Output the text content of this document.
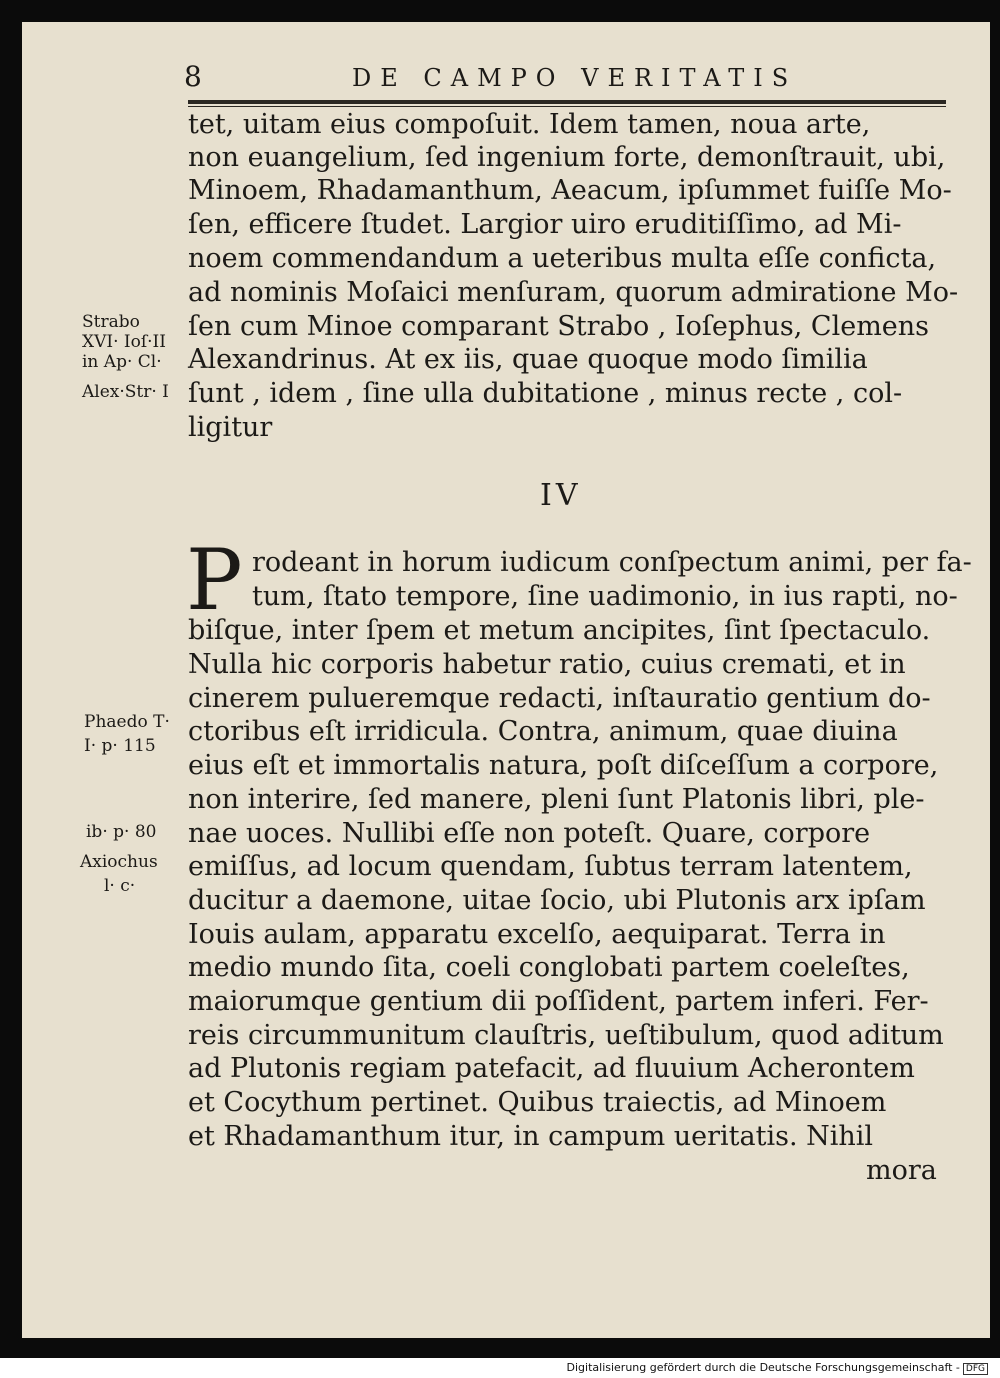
8	DE CAMPO VERITATIS
tet, uitam eius compoſuit. Idem tamen, noua arte,
non euangelium, ſed ingenium forte, demonſtrauit, ubi,
Minoem, Rhadamanthum, Aeacum, ipſummet fuiſſe Mo-
ſen, efficere ſtudet. Largior uiro eruditiſſimo, ad Mi-
noem commendandum a ueteribus multa eſſe conficta,
ad nominis Moſaici menſuram, quorum admiratione Mo-
ſen cum Minoe comparant Strabo , Ioſephus, Clemens
Alexandrinus. At ex iis, quae quoque modo ſimilia
ſunt , idem , ſine ulla dubitatione , minus recte , col-
ligitur
IV
P rodeant in horum iudicum conſpectum animi, per fa-
tum, ſtato tempore, ſine uadimonio, in ius rapti, no-
biſque, inter ſpem et metum ancipites, ſint ſpectaculo.
Nulla hic corporis habetur ratio, cuius cremati, et in
cinerem pulueremque redacti, inſtauratio gentium do-
ctoribus eſt irridicula. Contra, animum, quae diuina
eius eſt et immortalis natura, poſt diſceſſum a corpore,
non interire, ſed manere, pleni ſunt Platonis libri, ple-
nae uoces. Nullibi eſſe non poteſt. Quare, corpore
emiſſus, ad locum quendam, ſubtus terram latentem,
ducitur a daemone, uitae ſocio, ubi Plutonis arx ipſam
Iouis aulam, apparatu excelſo, aequiparat. Terra in
medio mundo ſita, coeli conglobati partem coeleſtes,
maiorumque gentium dii poſſident, partem inferi. Fer-
reis circummunitum clauſtris, ueſtibulum, quod aditum
ad Plutonis regiam patefacit, ad fluuium Acherontem
et Cocythum pertinet. Quibus traiectis, ad Minoem
et Rhadamanthum itur, in campum ueritatis. Nihil
mora
Strabo
XVI· Ioſ·II
in Ap· Cl·
Alex·Str· I
Phaedo T·
I· p· 115
ib· p· 80
Axiochus
l· c·
Digitalisierung gefördert durch die Deutsche Forschungsgemeinschaft - DFG
